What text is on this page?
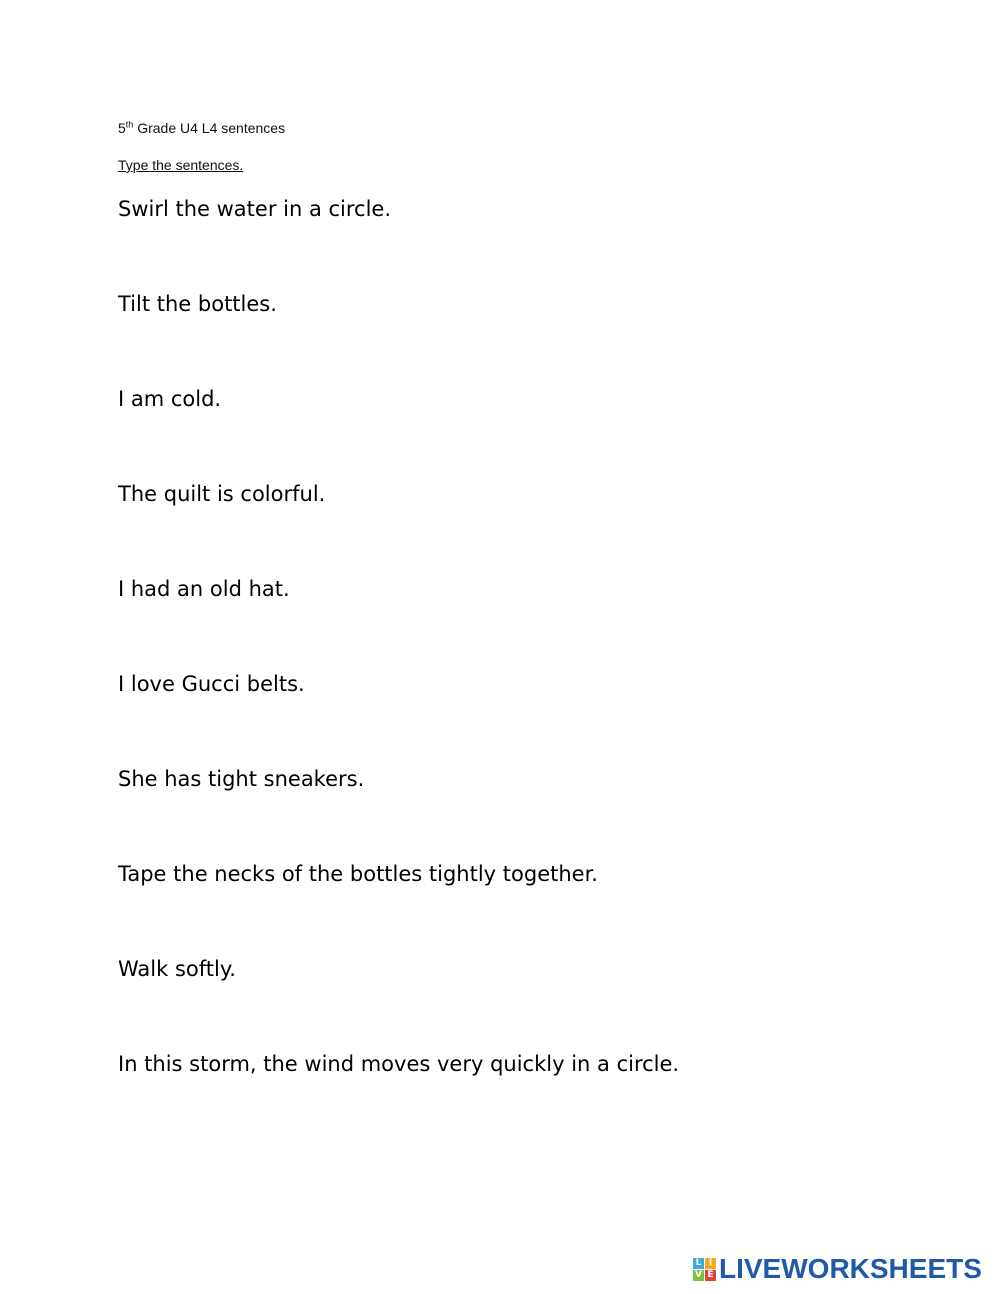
5th Grade U4 L4 sentences
Type the sentences.
Swirl the water in a circle.
Tilt the bottles.
I am cold.
The quilt is colorful.
I had an old hat.
I love Gucci belts.
She has tight sneakers.
Tape the necks of the bottles tightly together.
Walk softly.
In this storm, the wind moves very quickly in a circle.
L I
V E LIVEWORKSHEETS
